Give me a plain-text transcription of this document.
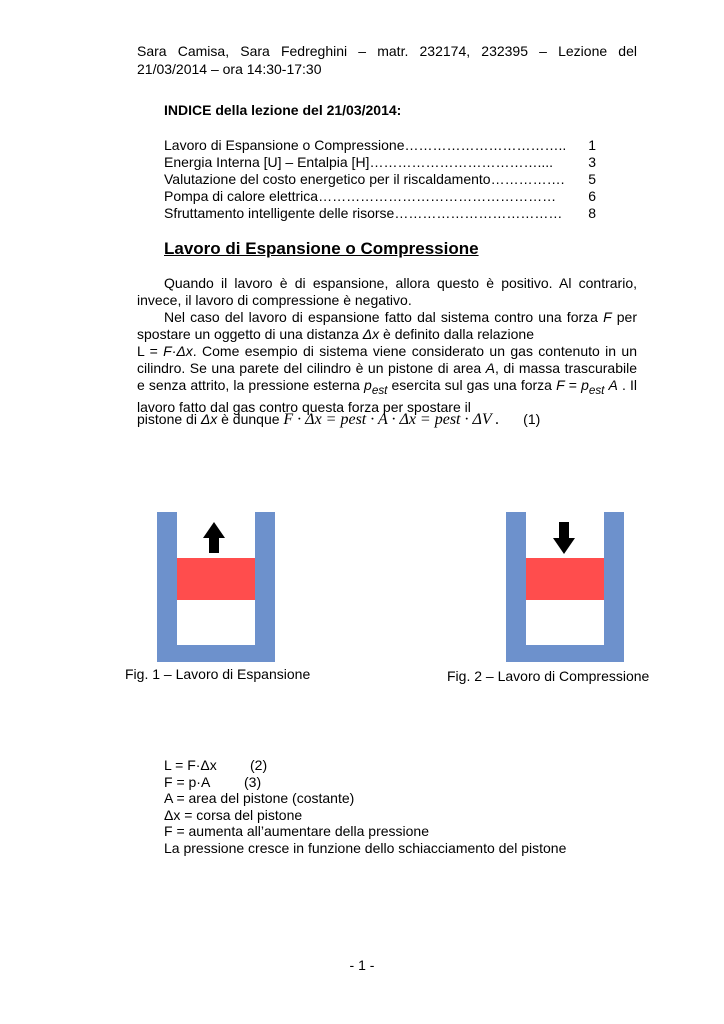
Sara Camisa, Sara Fedreghini – matr. 232174, 232395 – Lezione del
21/03/2014 – ora 14:30-17:30
INDICE della lezione del 21/03/2014:
Lavoro di Espansione o Compressione ……………………………..	1
Energia Interna [U] – Entalpia [H] ………………………………....	3
Valutazione del costo energetico per il riscaldamento …………….	5
Pompa di calore elettrica ……………………………………………	6
Sfruttamento intelligente delle risorse ………………………………	8
Lavoro di Espansione o Compressione
Quando il lavoro è di espansione, allora questo è positivo. Al contrario, invece, il lavoro di compressione è negativo.
Nel caso del lavoro di espansione fatto dal sistema contro una forza F per spostare un oggetto di una distanza Δx è definito dalla relazione
L = F·Δx. Come esempio di sistema viene considerato un gas contenuto in un cilindro. Se una parete del cilindro è un pistone di area A, di massa trascurabile e senza attrito, la pressione esterna $p_{est}$ esercita sul gas una forza $F = p_{est}$ A . Il lavoro fatto dal gas contro questa forza per spostare il
pistone di Δx è dunque F · Δx = pest · A · Δx = pest · ΔV . (1)
Fig. 1 – Lavoro di Espansione	Fig. 2 – Lavoro di Compressione
L = F·Δx (2)
F = p·A (3)
A = area del pistone (costante)
Δx = corsa del pistone
F = aumenta all’aumentare della pressione
La pressione cresce in funzione dello schiacciamento del pistone
- 1 -
